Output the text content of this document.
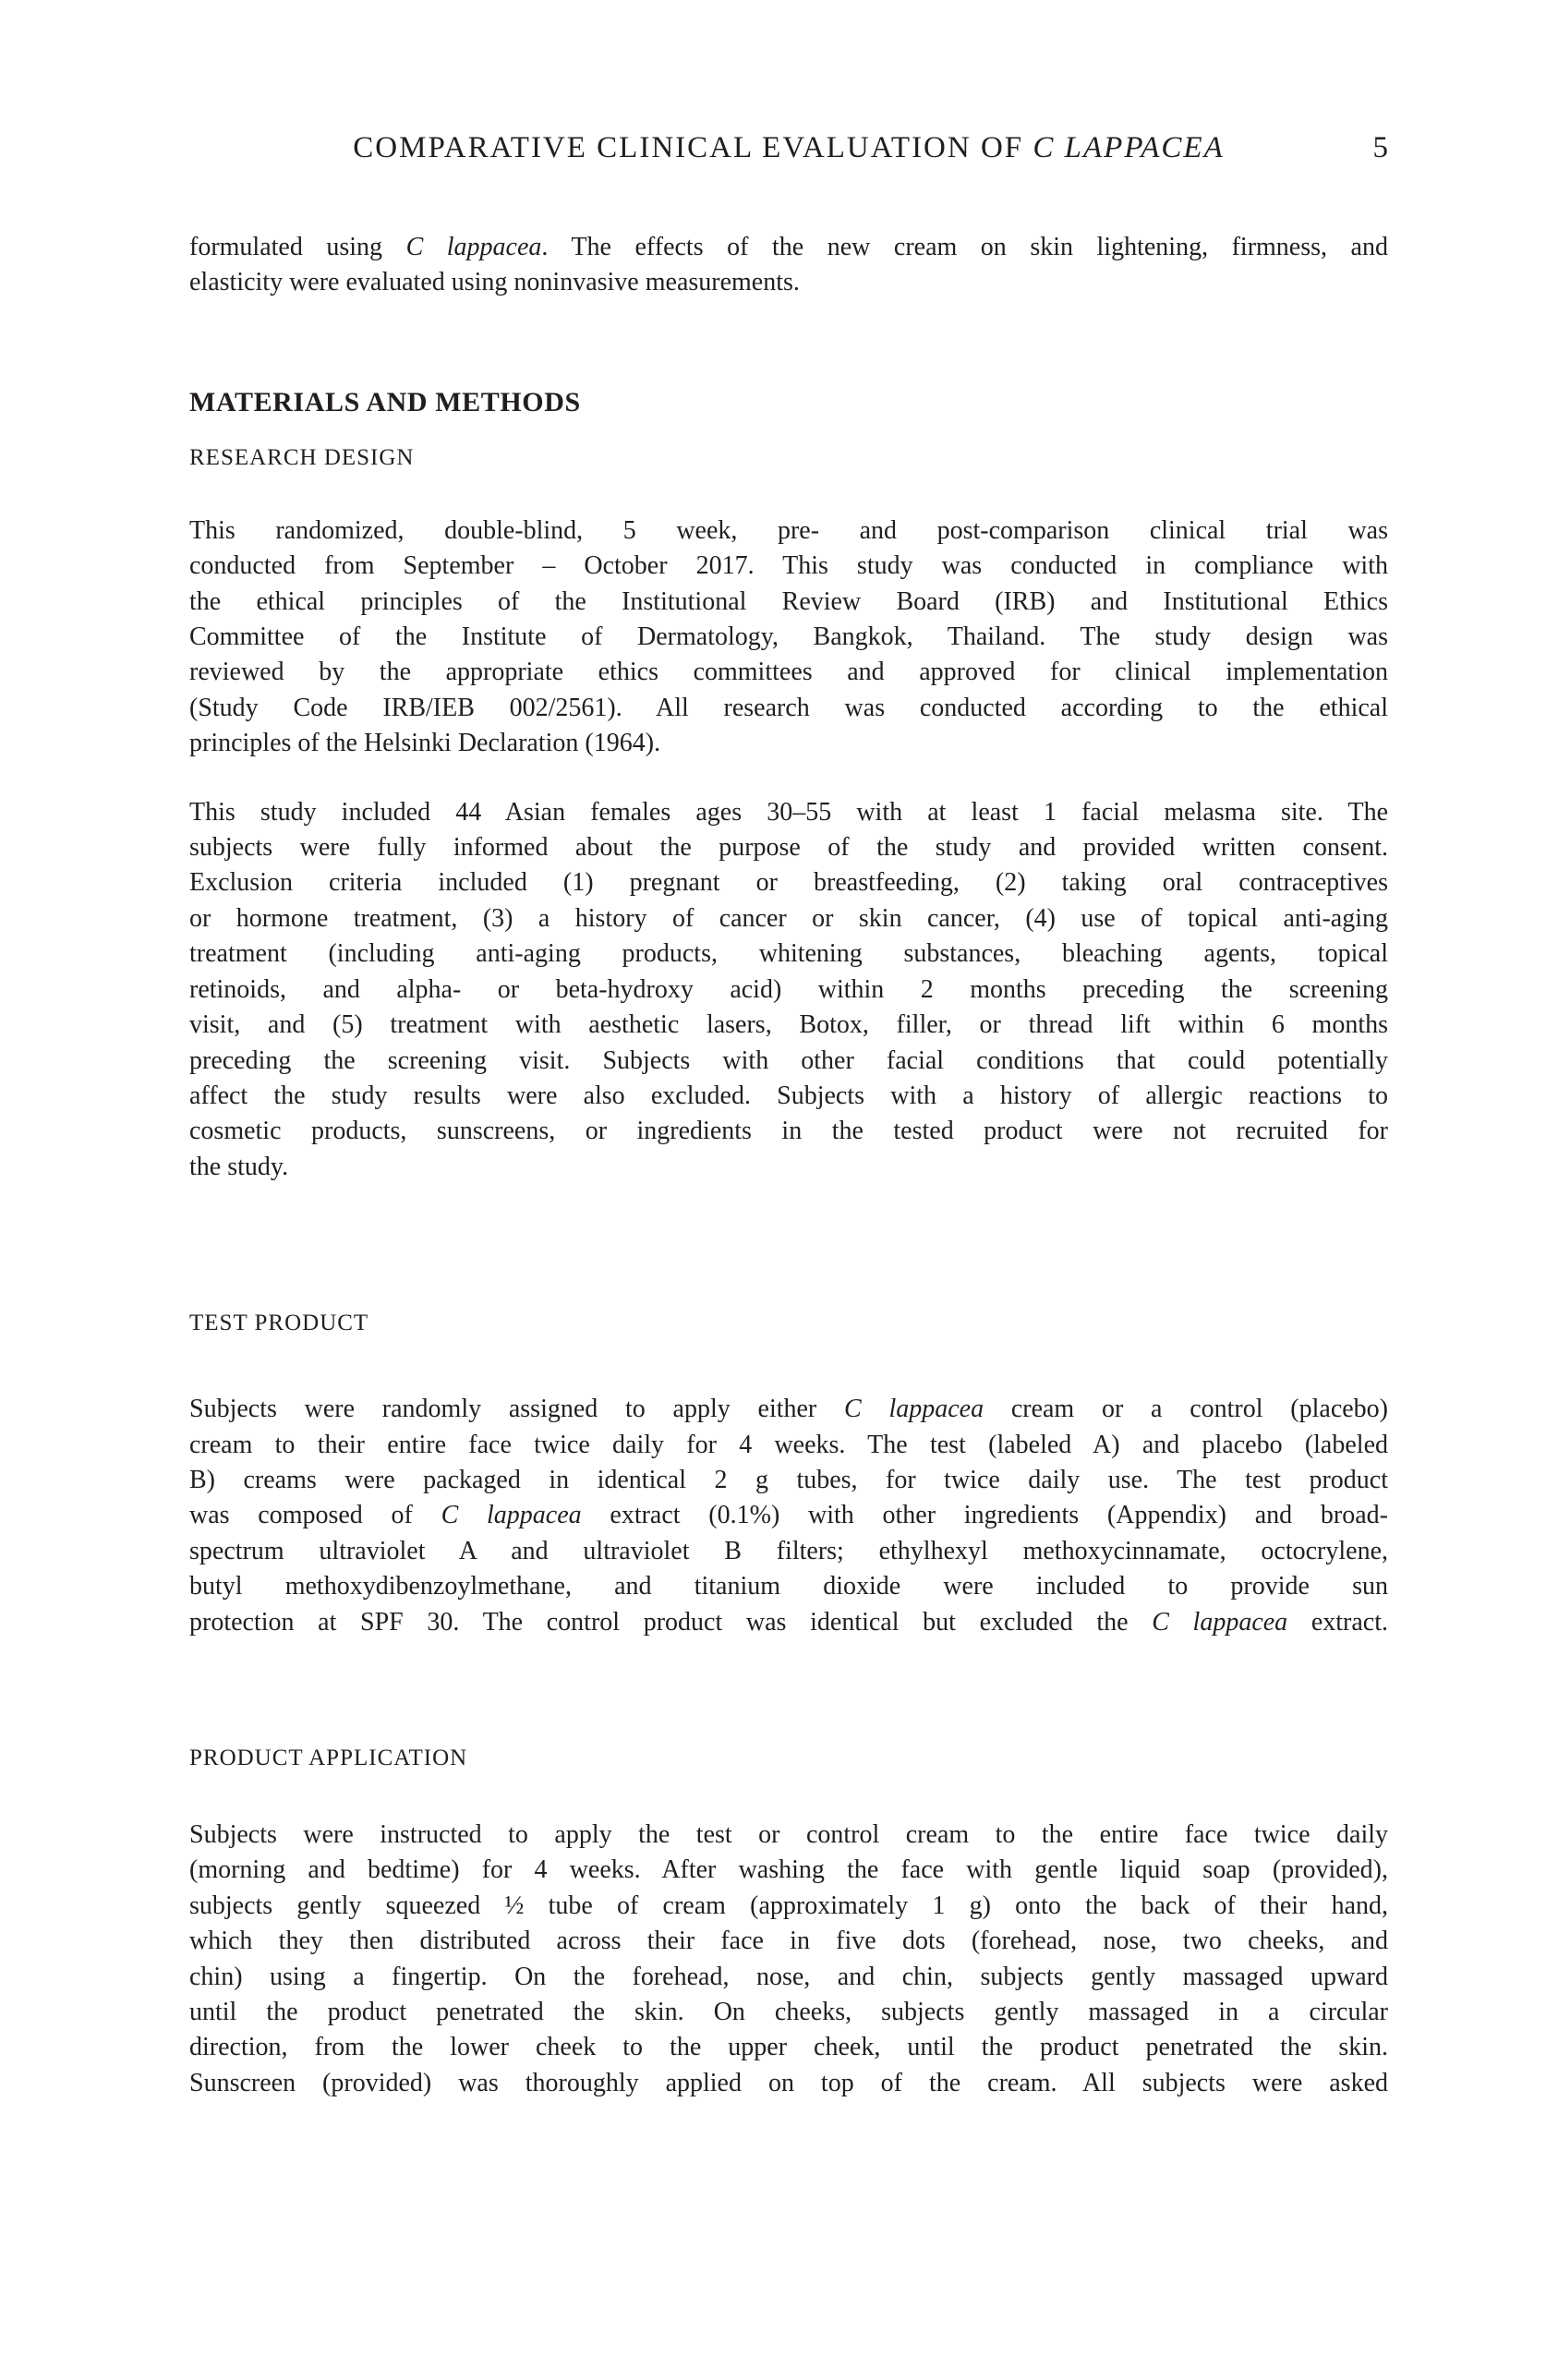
COMPARATIVE CLINICAL EVALUATION OF C LAPPACEA	5
formulated using C lappacea. The effects of the new cream on skin lightening, firmness, and
elasticity were evaluated using noninvasive measurements.
MATERIALS AND METHODS
RESEARCH DESIGN
This randomized, double-blind, 5 week, pre- and post-comparison clinical trial was
conducted from September – October 2017. This study was conducted in compliance with
the ethical principles of the Institutional Review Board (IRB) and Institutional Ethics
Committee of the Institute of Dermatology, Bangkok, Thailand. The study design was
reviewed by the appropriate ethics committees and approved for clinical implementation
(Study Code IRB/IEB 002/2561). All research was conducted according to the ethical
principles of the Helsinki Declaration (1964).
This study included 44 Asian females ages 30–55 with at least 1 facial melasma site. The
subjects were fully informed about the purpose of the study and provided written consent.
Exclusion criteria included (1) pregnant or breastfeeding, (2) taking oral contraceptives
or hormone treatment, (3) a history of cancer or skin cancer, (4) use of topical anti-aging
treatment (including anti-aging products, whitening substances, bleaching agents, topical
retinoids, and alpha- or beta-hydroxy acid) within 2 months preceding the screening
visit, and (5) treatment with aesthetic lasers, Botox, filler, or thread lift within 6 months
preceding the screening visit. Subjects with other facial conditions that could potentially
affect the study results were also excluded. Subjects with a history of allergic reactions to
cosmetic products, sunscreens, or ingredients in the tested product were not recruited for
the study.
TEST PRODUCT
Subjects were randomly assigned to apply either C lappacea cream or a control (placebo)
cream to their entire face twice daily for 4 weeks. The test (labeled A) and placebo (labeled
B) creams were packaged in identical 2 g tubes, for twice daily use. The test product
was composed of C lappacea extract (0.1%) with other ingredients (Appendix) and broad-
spectrum ultraviolet A and ultraviolet B filters; ethylhexyl methoxycinnamate, octocrylene,
butyl methoxydibenzoylmethane, and titanium dioxide were included to provide sun
protection at SPF 30. The control product was identical but excluded the C lappacea extract.
PRODUCT APPLICATION
Subjects were instructed to apply the test or control cream to the entire face twice daily
(morning and bedtime) for 4 weeks. After washing the face with gentle liquid soap (provided),
subjects gently squeezed ½ tube of cream (approximately 1 g) onto the back of their hand,
which they then distributed across their face in five dots (forehead, nose, two cheeks, and
chin) using a fingertip. On the forehead, nose, and chin, subjects gently massaged upward
until the product penetrated the skin. On cheeks, subjects gently massaged in a circular
direction, from the lower cheek to the upper cheek, until the product penetrated the skin.
Sunscreen (provided) was thoroughly applied on top of the cream. All subjects were asked
